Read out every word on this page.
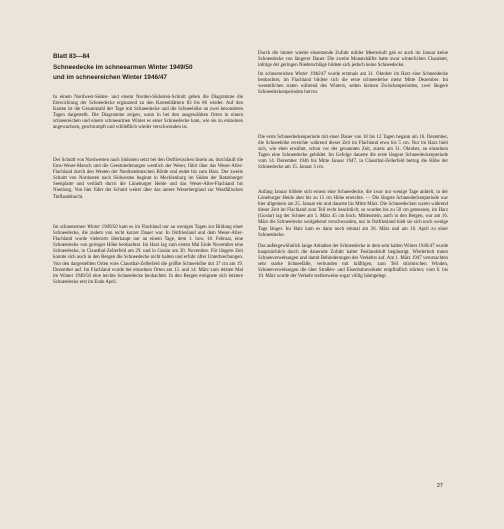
Blatt 83—84
Schneedecke im schneearmen Winter 1949/50
und im schneereichen Winter 1946/47

In einem Nordwest-Süden- und einem Norden-Südosten-Schnitt geben die Diagramme die Entwicklung der Schneedecke ergänzend zu den Kartenblättern 83 bis 86 wieder. Auf den Karten ist die Gesamtzahl der Tage mit Schneedecke und die Schneehöhe an zwei besonderen Tagen dargestellt. Die Diagramme zeigen, wann in bei den ausgewählten Orten in einem schneereichen und einem schneearmen Winter es einer Schneedecke kam, wie sie zu einzelnen angewachsen, geschrumpft und schließlich wieder verschwunden ist.

Der Schnitt von Nordwesten nach Südosten setzt bei den Ostfriesischen Inseln an, durchläuft die Ems-Weser-Marsch und die Geestniederungen westlich der Weser, führt über das Weser-Aller-Flachland durch den Westen der Nordostdeutschen Börde und endet bis zum Harz. Der zweite Schnitt von Nordosten nach Südwesten beginnt in Mecklenburg im Süden der Ratzeburger Seenplatte und verläuft durch die Lüneburger Heide und das Weser-Aller-Flachland bis Nienburg. Von hier führt der Schnitt weiter über das untere Weserbergland zur Westfälischen Tieflandsbucht.

Im schneearmen Winter 1949/50 kam es im Flachland nur an wenigen Tagen zur Bildung einer Schneedecke, die zudem von recht kurzer Dauer war. In Ostfriesland und dem Weser-Aller-Flachland wurde vielerorts überhaupt nur an einem Tage, dem 1. bzw. 18. Februar, eine Schneedecke von geringer Höhe beobachtet. Im Harz lag zum ersten Mal Ende November eine Schneedecke, in Clausthal-Zellerfeld am 29. und in Goslar am 30. November. Für längere Zeit konnte sich auch in den Bergen die Schneedecke nicht halten und erfuhr öfter Unterbrechungen. Von den dargestellten Orten wies Clausthal-Zellerfeld die größte Schneehöhe mit 37 cm am 19. Dezember auf. Im Flachland wurde bei einzelnen Orten am 13. und 14. März zum letzten Mal im Winter 1949/50 eine leichte Schneedecke beobachtet. In den Bergen ereignete sich letztere Schneedecke erst im Ende April.

Durch die immer wieder einsetzende Zufuhr milder Meeresluft gab es auch im Januar keine Schneedecke von längerer Dauer. Die zweite Monatshälfte hatte zwar winterlichen Charakter, infolge der geringen Niederschläge bildete sich jedoch keine Schneedecke.

Im schneereichen Winter 1946/47 wurde erstmals am 31. Oktober im Harz eine Schneedecke beobachtet, im Flachland bildete sich die erste schneedecke meist Mitte Dezember. Im wesentlichen traten während des Winters, selten kleinen Zwischenperioden, zwei längere Schneedeckenperioden hervor.

Die erste Schneedeckenperiode mit einer Dauer von 10 bis 12 Tagen begann am 16. Dezember, die Schneehöhe erreichte während dieser Zeit im Flachland etwa bis 5 cm. Nur im Harz hielt sich, wie eben erwähnt, schon vor der genannten Zeit, zuerst am 31. Oktober, an einzelnen Tagen eine Schneedecke gebildet. Im Gefolge dauerte die erste längere Schneedeckenperiode vom 14. Dezember 1946 bis Mitte Januar 1947, in Clausthal-Zellerfeld betrug die Höhe der Schneedecke am 15. Januar 3 cm.

Anfang Januar bildete sich erneut eine Schneedecke, die zwar nur wenige Tage anhielt, in der Lüneburger Heide aber bis zu 15 cm Höhe erreichte. — Die längste Schneedeckenperiode war hier allgemein am 25. Januar ein und dauerte bis Mitte März. Die Schneedecken waren während dieser Zeit im Flachland zum Teil recht beachtlich; so wurden bis zu 50 cm gemessen, im Harz (Goslar) lag der Schnee am 1. März 45 cm hoch. Mittenstein, auch in den Bergen, war am 16. März die Schneedecke weitgehend verschwunden, nur in Ostfriesland hielt sie sich noch wenige Tage länger. Im Harz kam es dann noch einmal am 26. März und am 10. April zu einer Schneedecke.

Das außergewöhnlich lange Anhalten der Schneedecke in dem sehr kalten Winter 1946/47 wurde hauptsächlich durch die dauernde Zufuhr kalter Festlandsluft begünstigt. Wiederholt traten Schneeverwehungen und damit Behinderungen des Verkehrs auf. Am 1. März 1947 verursachten sehr starke Schneefälle, verbunden mit kräftigen, zum Teil stürmischen Winden, Schneeverwehungen die über Straßen- und Eisenbahnverkehr empfindlich störten; vom 6. bis 10. März wurde der Verkehr stellenweise sogar völlig lahmgelegt.

27
